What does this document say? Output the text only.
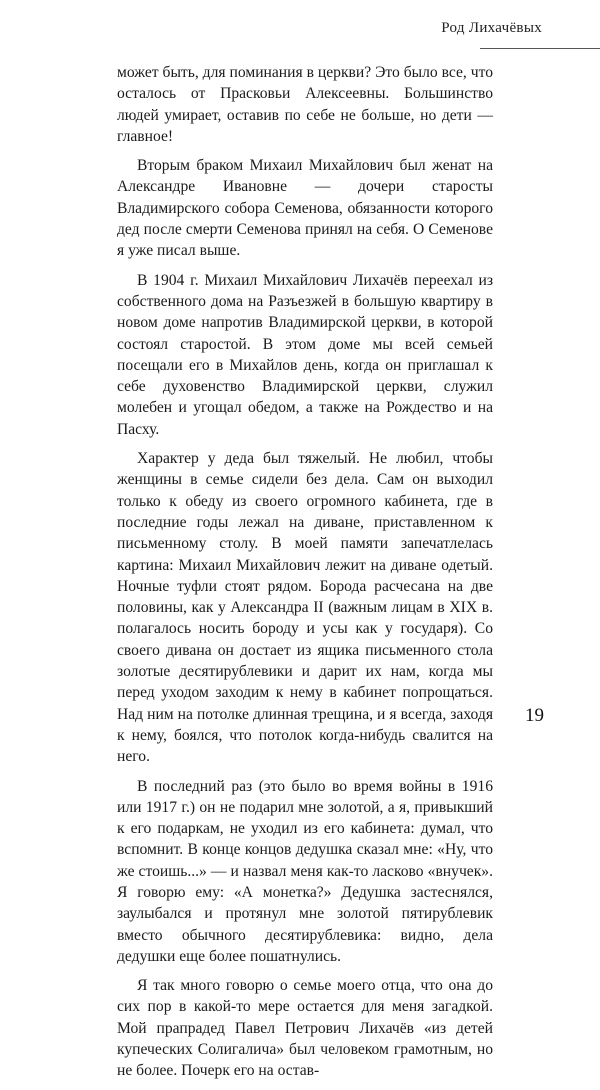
Род Лихачёвых

может быть, для поминания в церкви? Это было все, что осталось от Прасковьи Алексеевны. Большинство людей умирает, оставив по себе не больше, но дети — главное!

Вторым браком Михаил Михайлович был женат на Александре Ивановне — дочери старосты Владимирского собора Семенова, обязанности которого дед после смерти Семенова принял на себя. О Семенове я уже писал выше.

В 1904 г. Михаил Михайлович Лихачёв переехал из собственного дома на Разъезжей в большую квартиру в новом доме напротив Владимирской церкви, в которой состоял старостой. В этом доме мы всей семьей посещали его в Михайлов день, когда он приглашал к себе духовенство Владимирской церкви, служил молебен и угощал обедом, а также на Рождество и на Пасху.

Характер у деда был тяжелый. Не любил, чтобы женщины в семье сидели без дела. Сам он выходил только к обеду из своего огромного кабинета, где в последние годы лежал на диване, приставленном к письменному столу. В моей памяти запечатлелась картина: Михаил Михайлович лежит на диване одетый. Ночные туфли стоят рядом. Борода расчесана на две половины, как у Александра II (важным лицам в XIX в. полагалось носить бороду и усы как у государя). Со своего дивана он достает из ящика письменного стола золотые десятирублевики и дарит их нам, когда мы перед уходом заходим к нему в кабинет попрощаться. Над ним на потолке длинная трещина, и я всегда, заходя к нему, боялся, что потолок когда-нибудь свалится на него.

В последний раз (это было во время войны в 1916 или 1917 г.) он не подарил мне золотой, а я, привыкший к его подаркам, не уходил из его кабинета: думал, что вспомнит. В конце концов дедушка сказал мне: «Ну, что же стоишь...» — и назвал меня как-то ласково «внучек». Я говорю ему: «А монетка?» Дедушка застеснялся, заулыбался и протянул мне золотой пятирублевик вместо обычного десятирублевика: видно, дела дедушки еще более пошатнулись.

Я так много говорю о семье моего отца, что она до сих пор в какой-то мере остается для меня загадкой. Мой прапрадед Павел Петрович Лихачёв «из детей купеческих Солигалича» был человеком грамотным, но не более. Почерк его на остав-

19
